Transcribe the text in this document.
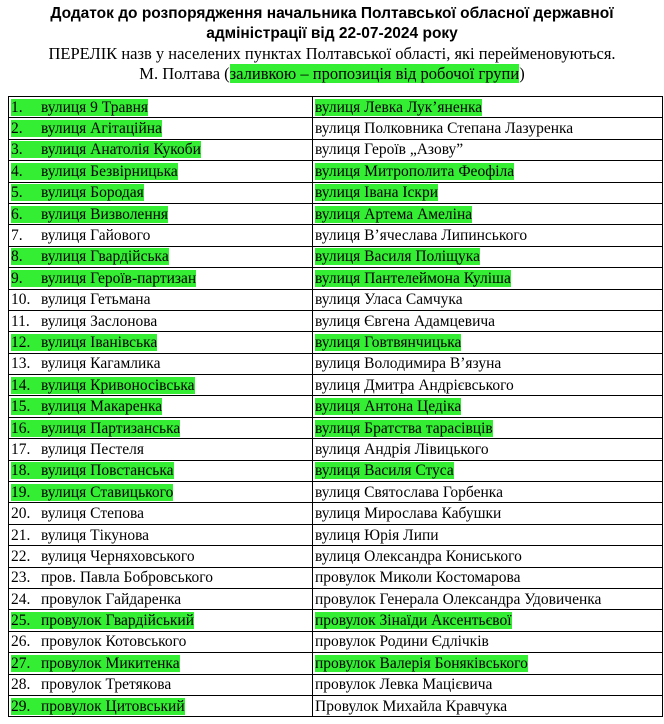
Додаток до розпорядження начальника Полтавської обласної державної
адміністрації від 22-07-2024 року
ПЕРЕЛІК назв у населених пунктах Полтавської області, які перейменовуються.
М. Полтава (заливкою – пропозиція від робочої групи)
1. вулиця 9 Травня	вулиця Левка Лук’яненка
2. вулиця Агітаційна	вулиця Полковника Степана Лазуренка
3. вулиця Анатолія Кукоби	вулиця Героїв „Азову”
4. вулиця Безвірницька	вулиця Митрополита Феофіла
5. вулиця Бородая	вулиця Івана Іскри
6. вулиця Визволення	вулиця Артема Амеліна
7. вулиця Гайового	вулиця В’ячеслава Липинського
8. вулиця Гвардійська	вулиця Василя Поліщука
9. вулиця Героїв-партизан	вулиця Пантелеймона Куліша
10. вулиця Гетьмана	вулиця Уласа Самчука
11. вулиця Заслонова	вулиця Євгена Адамцевича
12. вулиця Іванівська	вулиця Говтвянчицька
13. вулиця Кагамлика	вулиця Володимира В’язуна
14. вулиця Кривоносівська	вулиця Дмитра Андрієвського
15. вулиця Макаренка	вулиця Антона Цедіка
16. вулиця Партизанська	вулиця Братства тарасівців
17. вулиця Пестеля	вулиця Андрія Лівицького
18. вулиця Повстанська	вулиця Василя Стуса
19. вулиця Ставицького	вулиця Святослава Горбенка
20. вулиця Степова	вулиця Мирослава Кабушки
21. вулиця Тікунова	вулиця Юрія Липи
22. вулиця Черняховського	вулиця Олександра Кониського
23. пров. Павла Бобровського	провулок Миколи Костомарова
24. провулок Гайдаренка	провулок Генерала Олександра Удовиченка
25. провулок Гвардійський	провулок Зінаїди Аксентьєвої
26. провулок Котовського	провулок Родини Єдлічків
27. провулок Микитенка	провулок Валерія Боняківського
28. провулок Третякова	провулок Левка Мацієвича
29. провулок Цитовський	Провулок Михайла Кравчука
